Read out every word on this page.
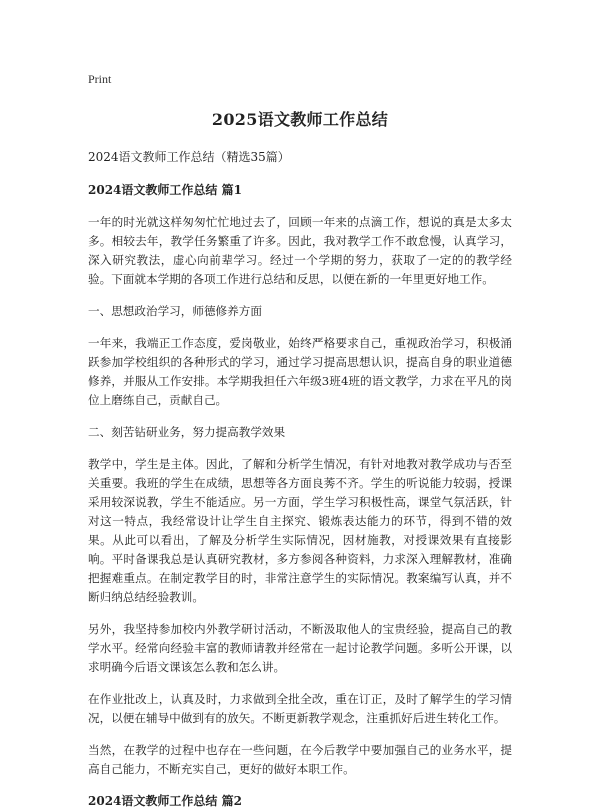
Print
2025语文教师工作总结

2024语文教师工作总结（精选35篇）

2024语文教师工作总结 篇1

一年的时光就这样匆匆忙忙地过去了，回顾一年来的点滴工作，想说的真是太多太多。相较去年，教学任务繁重了许多。因此，我对教学工作不敢怠慢，认真学习，深入研究教法，虚心向前辈学习。经过一个学期的努力，获取了一定的的教学经验。下面就本学期的各项工作进行总结和反思，以便在新的一年里更好地工作。

一、思想政治学习，师德修养方面

一年来，我端正工作态度，爱岗敬业，始终严格要求自己，重视政治学习，积极涌跃参加学校组织的各种形式的学习，通过学习提高思想认识，提高自身的职业道德修养，并服从工作安排。本学期我担任六年级3班4班的语文教学，力求在平凡的岗位上磨练自己，贡献自己。

二、刻苦钻研业务，努力提高教学效果

教学中，学生是主体。因此，了解和分析学生情况，有针对地教对教学成功与否至关重要。我班的学生在成绩，思想等各方面良莠不齐。学生的听说能力较弱，授课采用较深说教，学生不能适应。另一方面，学生学习积极性高，课堂气氛活跃，针对这一特点，我经常设计让学生自主探究、锻炼表达能力的环节，得到不错的效果。从此可以看出，了解及分析学生实际情况，因材施教，对授课效果有直接影响。平时备课我总是认真研究教材，多方参阅各种资料，力求深入理解教材，准确把握难重点。在制定教学目的时，非常注意学生的实际情况。教案编写认真，并不断归纳总结经验教训。

另外，我坚持参加校内外教学研讨活动，不断汲取他人的宝贵经验，提高自己的教学水平。经常向经验丰富的教师请教并经常在一起讨论教学问题。多听公开课，以求明确今后语文课该怎么教和怎么讲。

在作业批改上，认真及时，力求做到全批全改，重在订正，及时了解学生的学习情况，以便在辅导中做到有的放矢。不断更新教学观念，注重抓好后进生转化工作。

当然，在教学的过程中也存在一些问题，在今后教学中要加强自己的业务水平，提高自己能力，不断充实自己，更好的做好本职工作。

2024语文教师工作总结 篇2
